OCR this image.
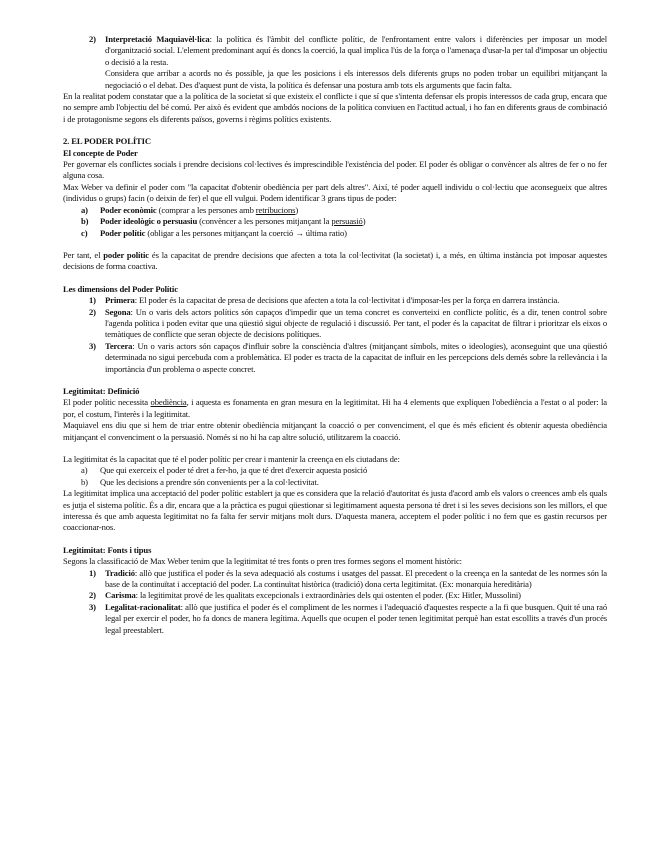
2)	Interpretació Maquiavèl·lica: la política és l'àmbit del conflicte polític, de l'enfrontament entre valors i diferències per imposar un model d'organització social. L'element predominant aquí és doncs la coerció, la qual implica l'ús de la força o l'amenaça d'usar-la per tal d'imposar un objectiu o decisió a la resta.
Considera que arribar a acords no és possible, ja que les posicions i els interessos dels diferents grups no poden trobar un equilibri mitjançant la negociació o el debat. Des d'aquest punt de vista, la política és defensar una postura amb tots els arguments que facin falta.

En la realitat podem constatar que a la política de la societat sí que existeix el conflicte i que sí que s'intenta defensar els propis interessos de cada grup, encara que no sempre amb l'objectiu del bé comú. Per això és evident que ambdós nocions de la política conviuen en l'actitud actual, i ho fan en diferents graus de combinació i de protagonisme segons els diferents països, governs i règims polítics existents.

2. EL PODER POLÍTIC

El concepte de Poder

Per governar els conflictes socials i prendre decisions col·lectives és imprescindible l'existència del poder. El poder és obligar o convèncer als altres de fer o no fer alguna cosa.

Max Weber va definir el poder com "la capacitat d'obtenir obediència per part dels altres". Així, té poder aquell individu o col·lectiu que aconsegueix que altres (individus o grups) facin (o deixin de fer) el que ell vulgui. Podem identificar 3 grans tipus de poder:

a)	Poder econòmic (comprar a les persones amb retribucions)
b)	Poder ideològic o persuasiu (convèncer a les persones mitjançant la persuasió)
c)	Poder polític (obligar a les persones mitjançant la coerció → última ratio)

Per tant, el poder polític és la capacitat de prendre decisions que afecten a tota la col·lectivitat (la societat) i, a més, en última instància pot imposar aquestes decisions de forma coactiva.

Les dimensions del Poder Polític

1)	Primera: El poder és la capacitat de presa de decisions que afecten a tota la col·lectivitat i d'imposar-les per la força en darrera instància.
2)	Segona: Un o varis dels actors polítics són capaços d'impedir que un tema concret es converteixi en conflicte polític, és a dir, tenen control sobre l'agenda política i poden evitar que una qüestió sigui objecte de regulació i discussió. Per tant, el poder és la capacitat de filtrar i prioritzar els eixos o temàtiques de conflicte que seran objecte de decisions polítiques.
3)	Tercera: Un o varis actors són capaços d'influir sobre la consciència d'altres (mitjançant símbols, mites o ideologies), aconseguint que una qüestió determinada no sigui percebuda com a problemàtica. El poder es tracta de la capacitat de influir en les percepcions dels demés sobre la rellevància i la importància d'un problema o aspecte concret.

Legitimitat: Definició

El poder polític necessita obediència, i aquesta es fonamenta en gran mesura en la legitimitat. Hi ha 4 elements que expliquen l'obediència a l'estat o al poder: la por, el costum, l'interès i la legitimitat.

Maquiavel ens diu que si hem de triar entre obtenir obediència mitjançant la coacció o per convenciment, el que és més eficient és obtenir aquesta obediència mitjançant el convenciment o la persuasió. Només si no hi ha cap altre solució, utilitzarem la coacció.

La legitimitat és la capacitat que té el poder polític per crear i mantenir la creença en els ciutadans de:

a)	Que qui exerceix el poder té dret a fer-ho, ja que té dret d'exercir aquesta posició
b)	Que les decisions a prendre són convenients per a la col·lectivitat.

La legitimitat implica una acceptació del poder polític establert ja que es considera que la relació d'autoritat és justa d'acord amb els valors o creences amb els quals es jutja el sistema polític. És a dir, encara que a la pràctica es pugui qüestionar si legitimament aquesta persona té dret i si les seves decisions son les millors, el que interessa és que amb aquesta legitimitat no fa falta fer servir mitjans molt durs. D'aquesta manera, acceptem el poder polític i no fem que es gastin recursos per coaccionar-nos.

Legitimitat: Fonts i tipus

Segons la classificació de Max Weber tenim que la legitimitat té tres fonts o pren tres formes segons el moment històric:

1)	Tradició: allò que justifica el poder és la seva adequació als costums i usatges del passat. El precedent o la creença en la santedat de les normes són la base de la continuïtat i acceptació del poder. La continuïtat històrica (tradició) dona certa legitimitat. (Ex: monarquia hereditària)
2)	Carisma: la legitimitat prové de les qualitats excepcionals i extraordinàries dels qui ostenten el poder. (Ex: Hitler, Mussolini)
3)	Legalitat-racionalitat: allò que justifica el poder és el compliment de les normes i l'adequació d'aquestes respecte a la fi que busquen. Quit té una raó legal per exercir el poder, ho fa doncs de manera legítima. Aquells que ocupen el poder tenen legitimitat perquè han estat escollits a través d'un procés legal preestablert.
